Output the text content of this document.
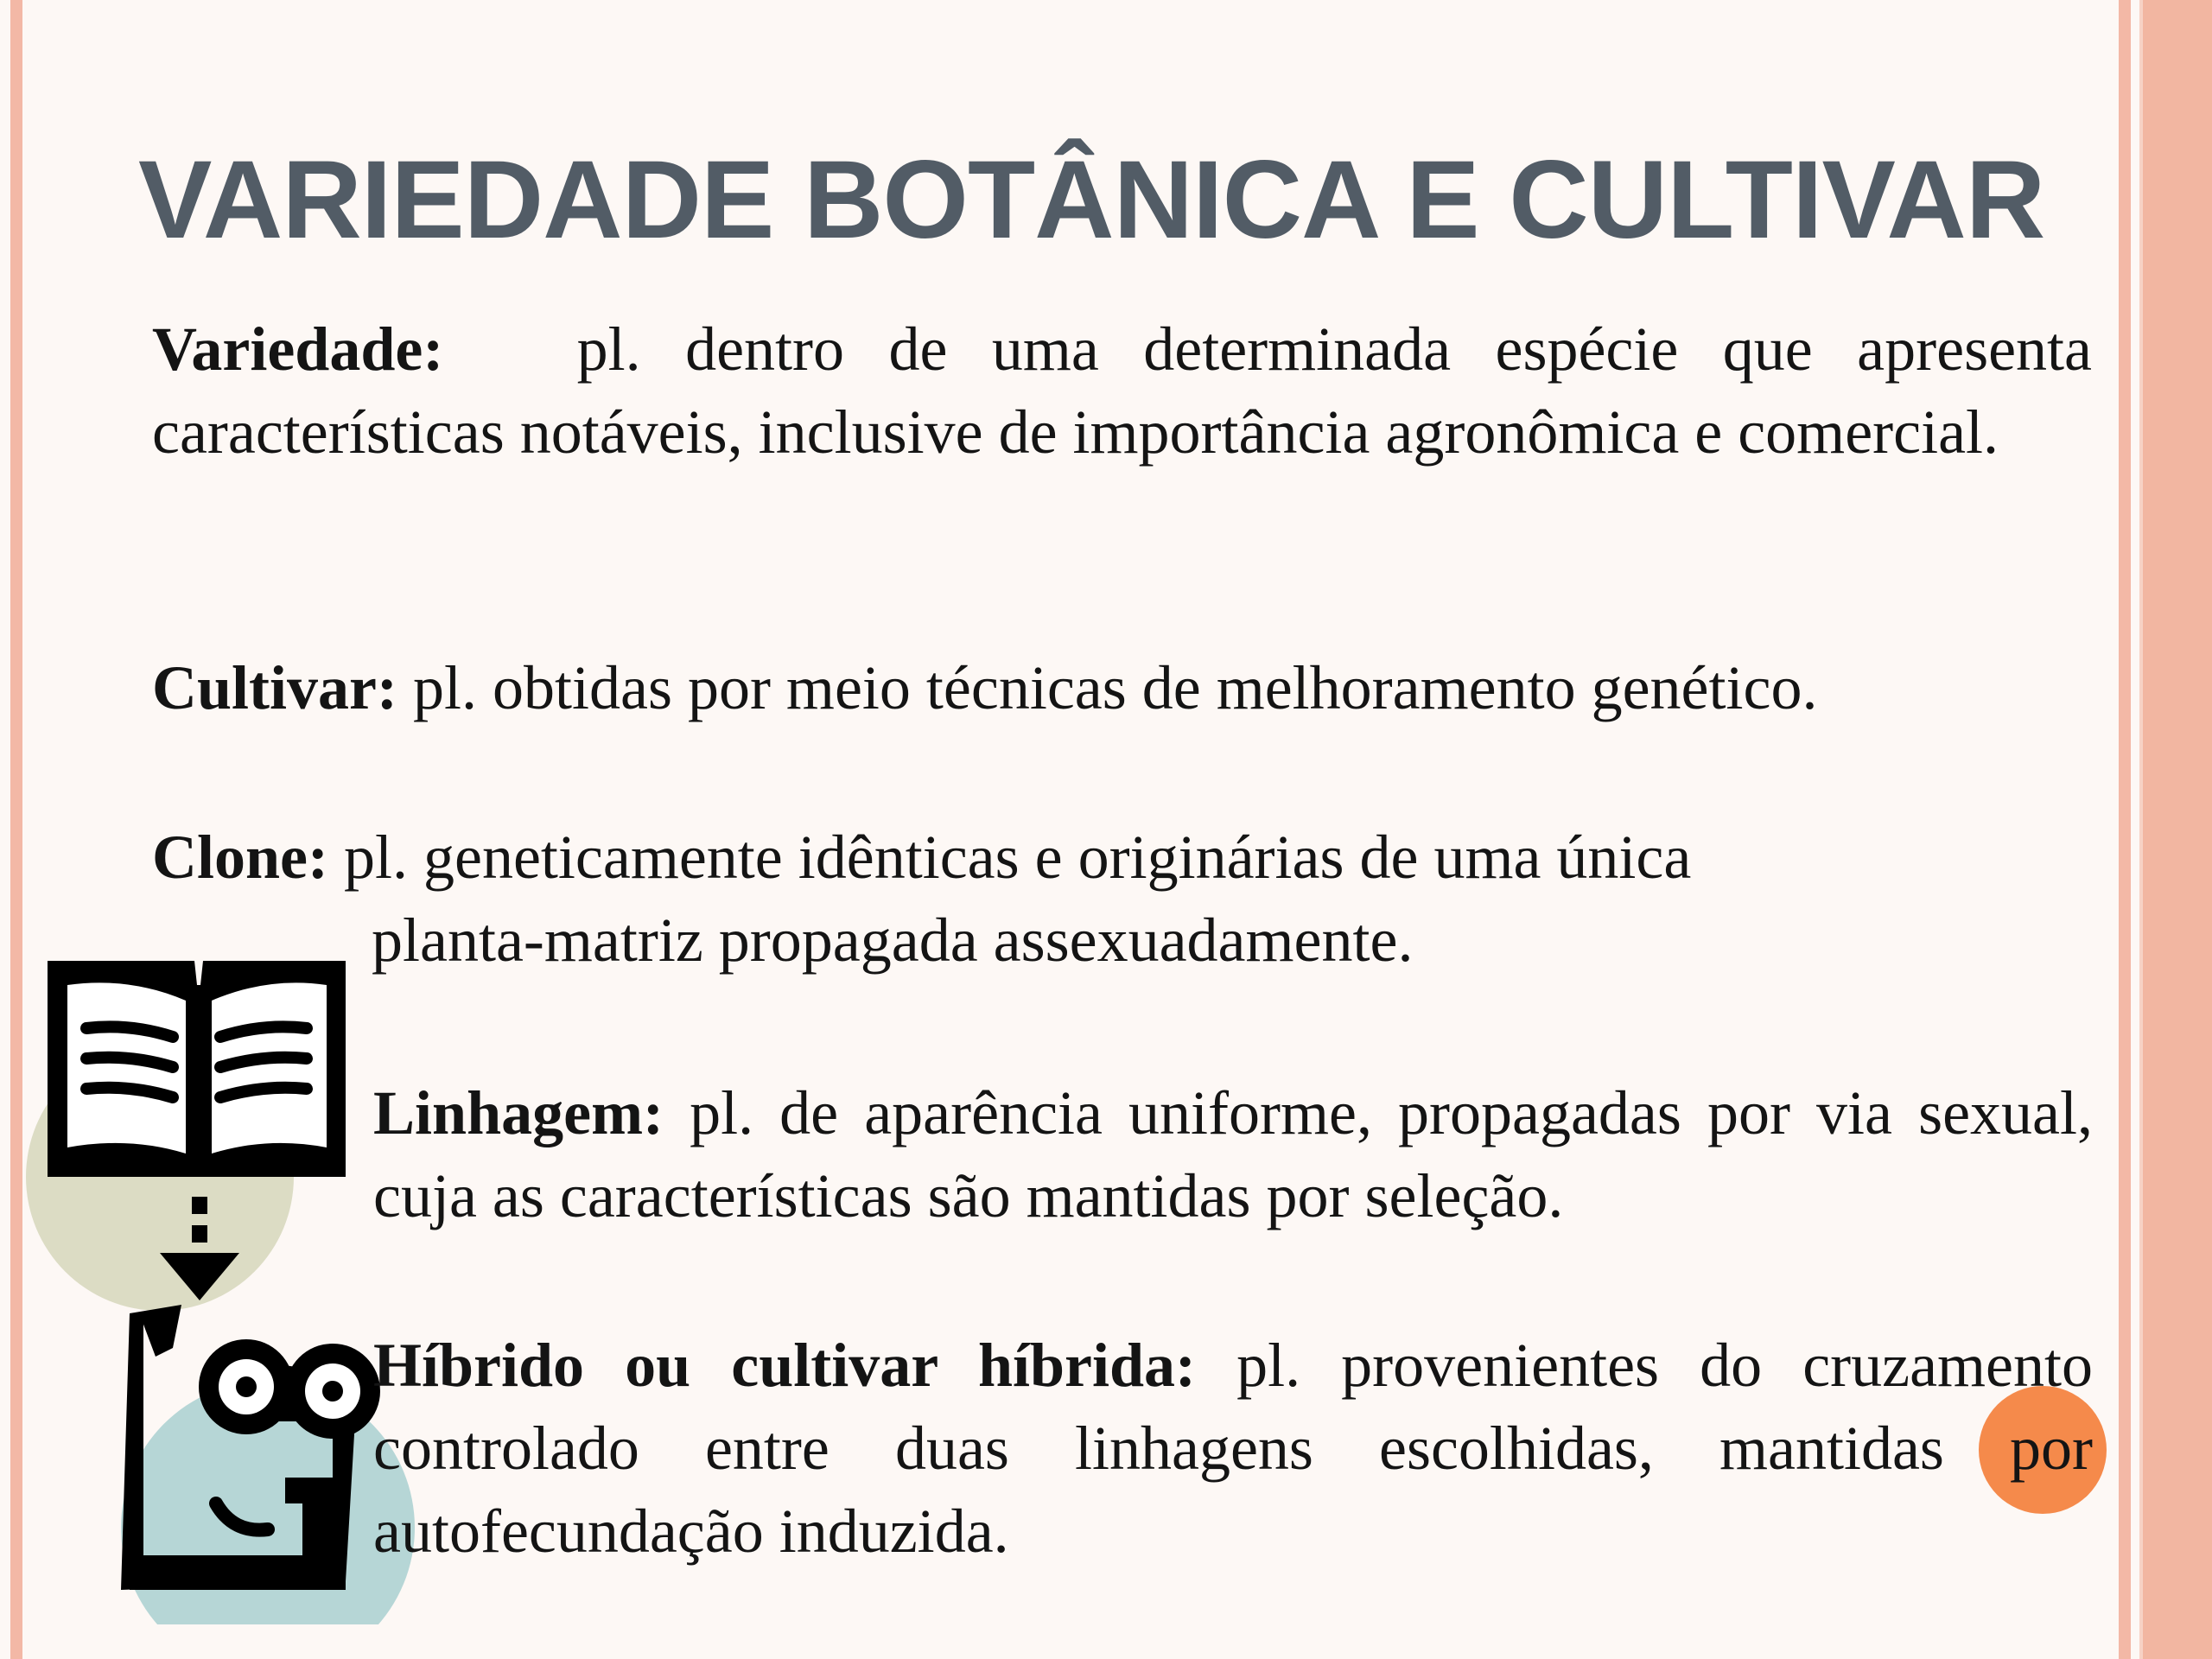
VARIEDADE BOTÂNICA E CULTIVAR

Variedade: pl. dentro de uma determinada espécie que apresenta características notáveis, inclusive de importância agronômica e comercial.

Cultivar: pl. obtidas por meio técnicas de melhoramento genético.

Clone: pl. geneticamente idênticas e originárias de uma única
planta-matriz propagada assexuadamente.

Linhagem: pl. de aparência uniforme, propagadas por via sexual, cuja as características são mantidas por seleção.

Híbrido ou cultivar híbrida: pl. provenientes do cruzamento controlado entre duas linhagens escolhidas, mantidas por autofecundação induzida.
